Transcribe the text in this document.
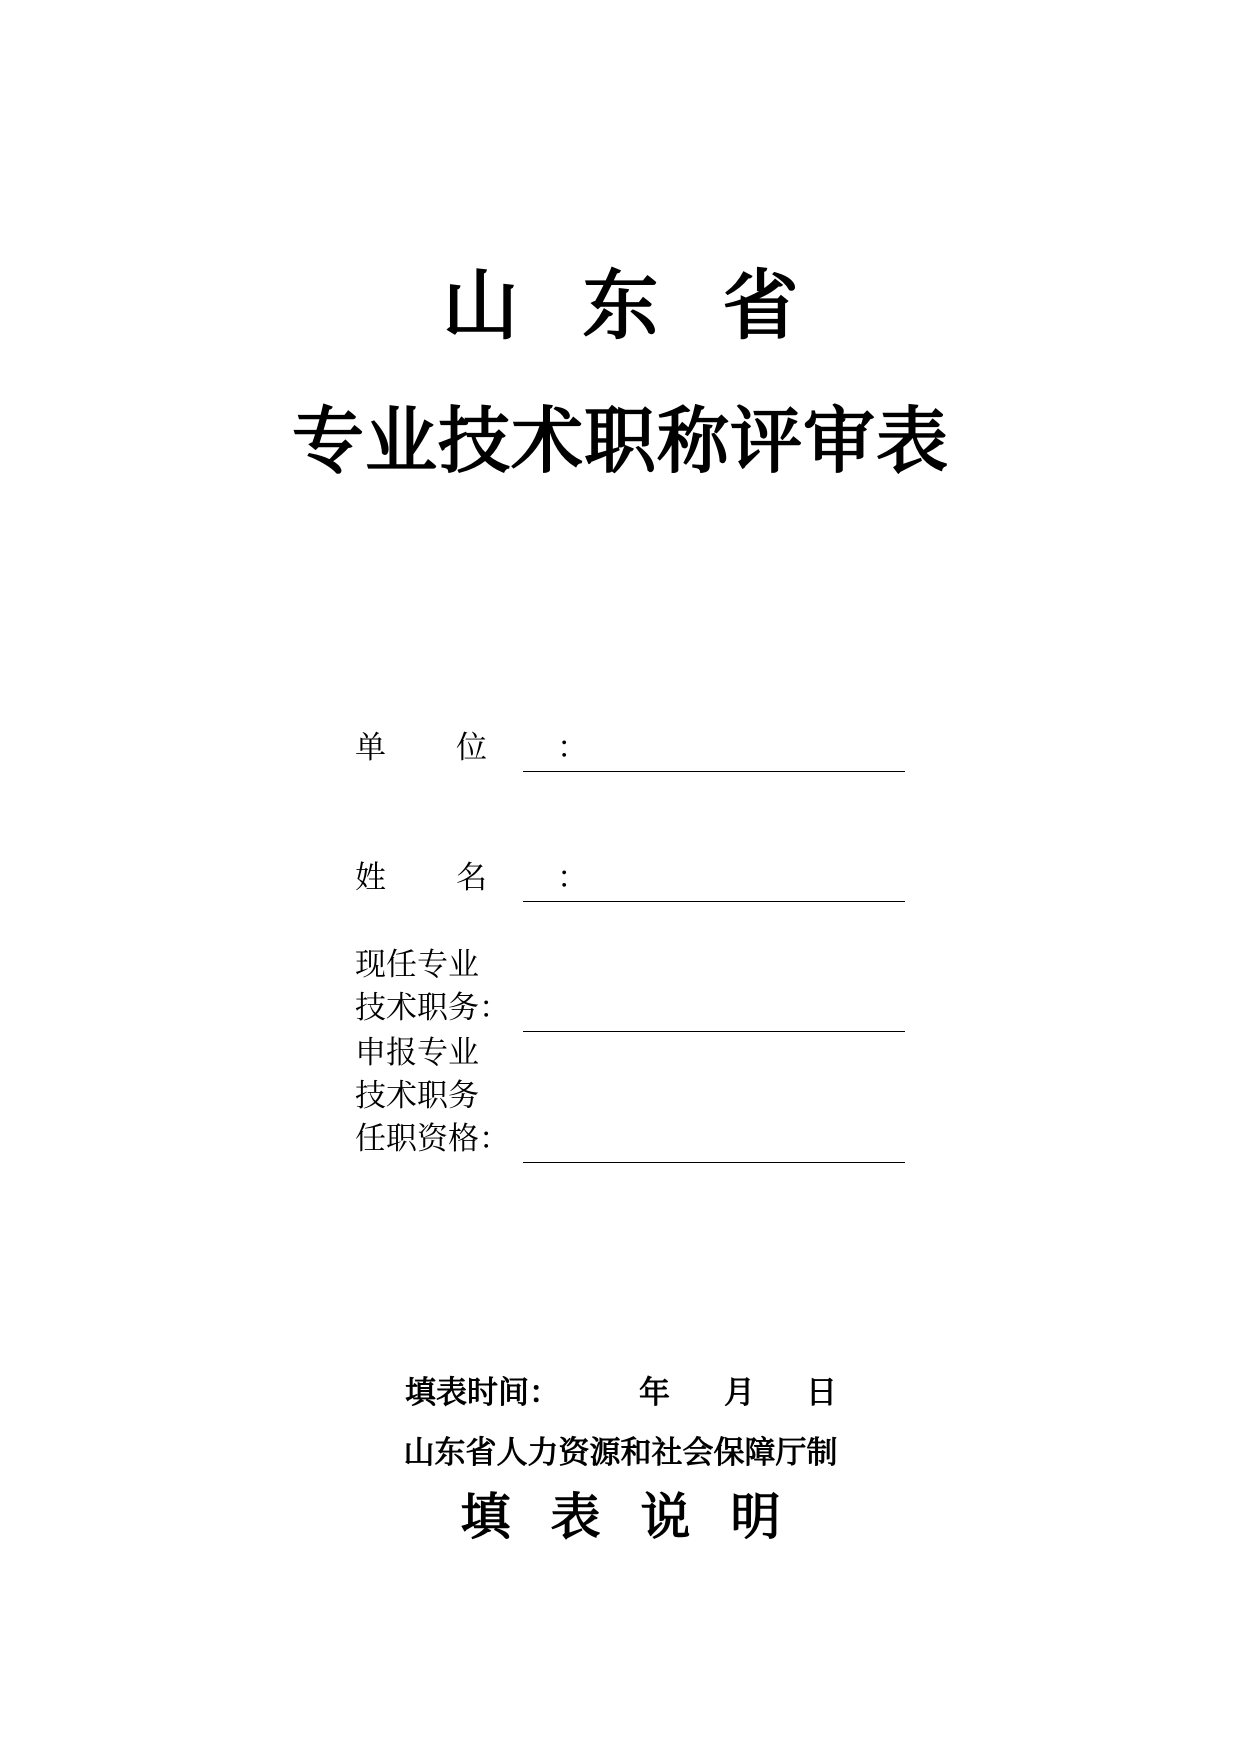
山东省
专业技术职称评审表
单位：
姓名：
现任专业
技术职务：
申报专业
技术职务
任职资格：
填表时间：	年 月 日
山东省人力资源和社会保障厅制
填表说明
